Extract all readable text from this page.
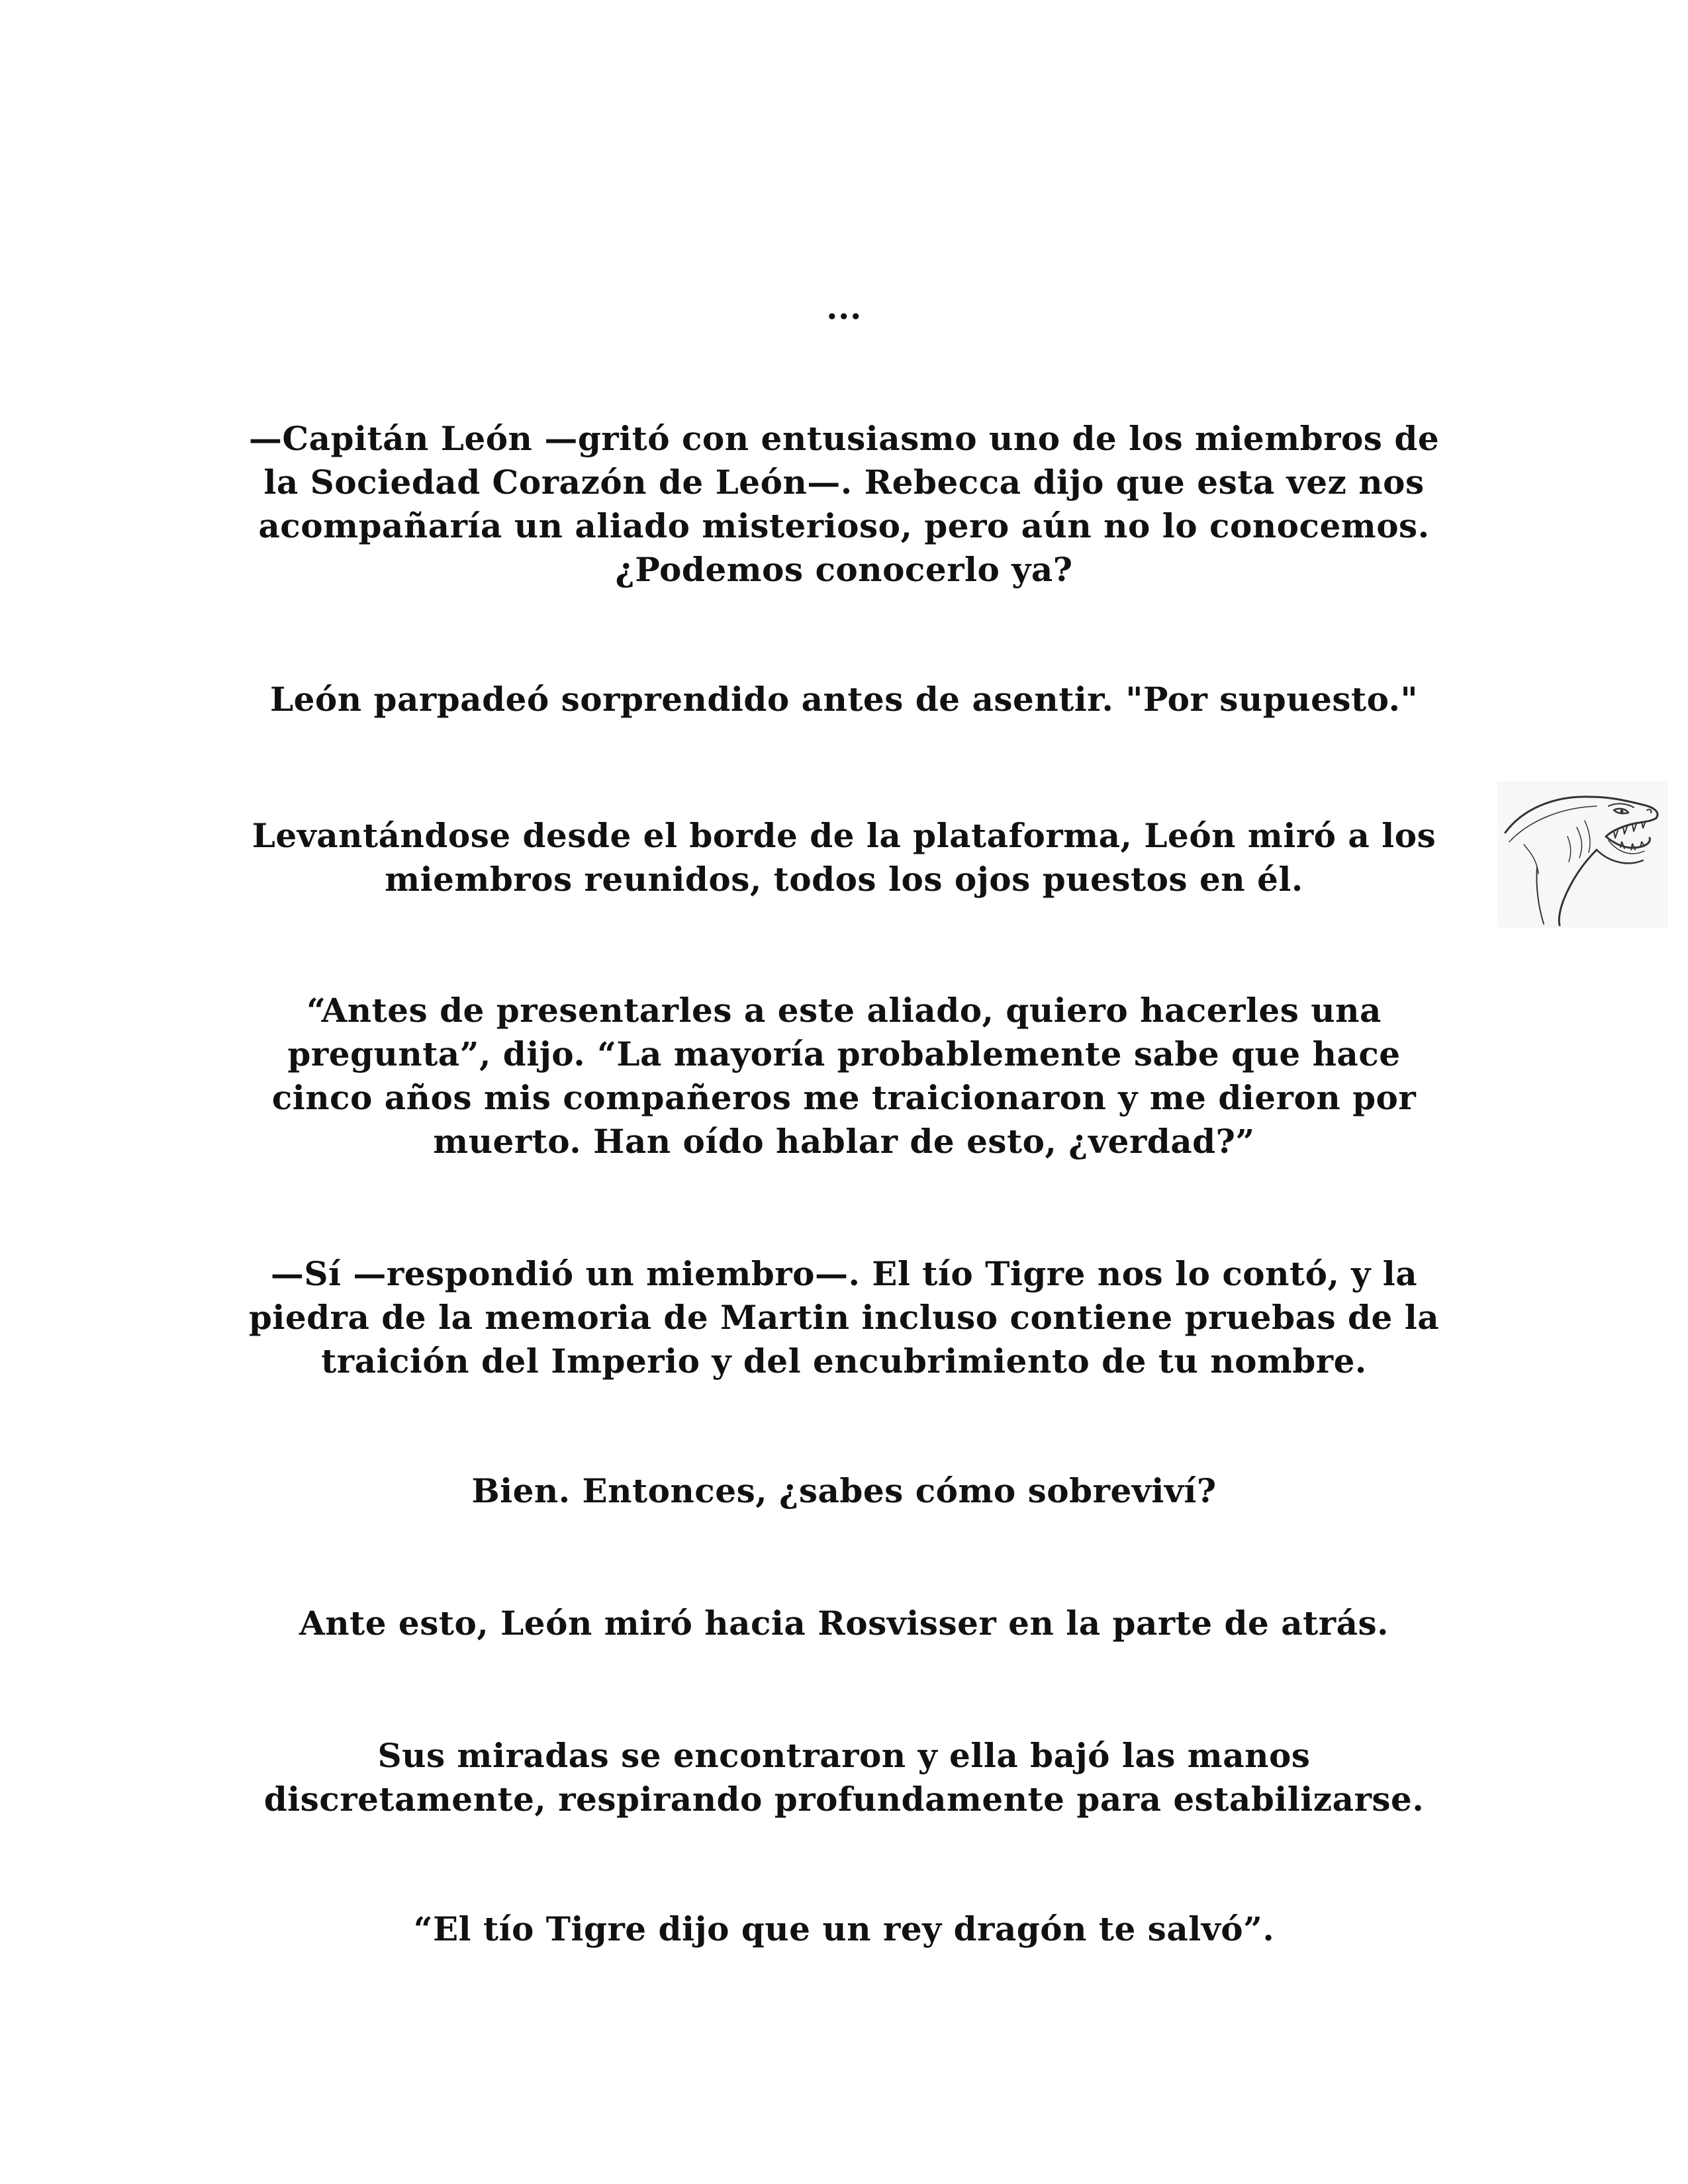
...

—Capitán León —gritó con entusiasmo uno de los miembros de
la Sociedad Corazón de León—. Rebecca dijo que esta vez nos
acompañaría un aliado misterioso, pero aún no lo conocemos.
¿Podemos conocerlo ya?

León parpadeó sorprendido antes de asentir. "Por supuesto."

Levantándose desde el borde de la plataforma, León miró a los
miembros reunidos, todos los ojos puestos en él.

“Antes de presentarles a este aliado, quiero hacerles una
pregunta”, dijo. “La mayoría probablemente sabe que hace
cinco años mis compañeros me traicionaron y me dieron por
muerto. Han oído hablar de esto, ¿verdad?”

—Sí —respondió un miembro—. El tío Tigre nos lo contó, y la
piedra de la memoria de Martin incluso contiene pruebas de la
traición del Imperio y del encubrimiento de tu nombre.

Bien. Entonces, ¿sabes cómo sobreviví?

Ante esto, León miró hacia Rosvisser en la parte de atrás.

Sus miradas se encontraron y ella bajó las manos
discretamente, respirando profundamente para estabilizarse.

“El tío Tigre dijo que un rey dragón te salvó”.
